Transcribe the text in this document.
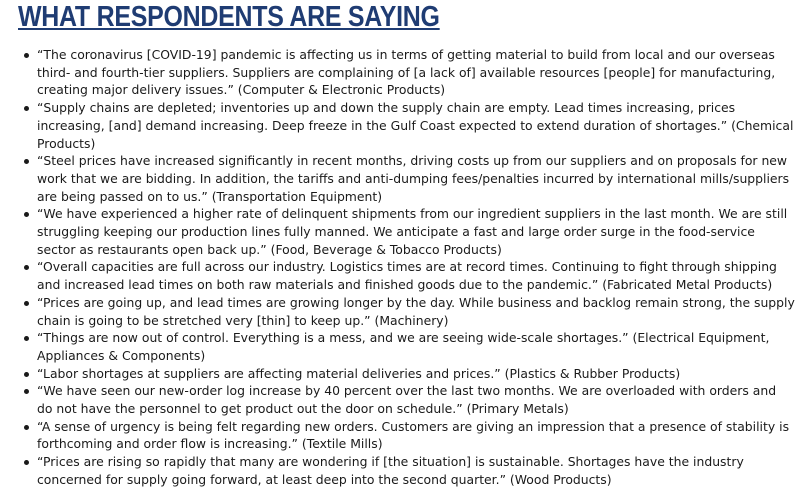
WHAT RESPONDENTS ARE SAYING
“The coronavirus [COVID-19] pandemic is affecting us in terms of getting material to build from local and our overseas third- and fourth-tier suppliers. Suppliers are complaining of [a lack of] available resources [people] for manufacturing, creating major delivery issues.” (Computer & Electronic Products)
“Supply chains are depleted; inventories up and down the supply chain are empty. Lead times increasing, prices increasing, [and] demand increasing. Deep freeze in the Gulf Coast expected to extend duration of shortages.” (Chemical Products)
“Steel prices have increased significantly in recent months, driving costs up from our suppliers and on proposals for new work that we are bidding. In addition, the tariffs and anti-dumping fees/penalties incurred by international mills/suppliers are being passed on to us.” (Transportation Equipment)
“We have experienced a higher rate of delinquent shipments from our ingredient suppliers in the last month. We are still struggling keeping our production lines fully manned. We anticipate a fast and large order surge in the food-service sector as restaurants open back up.” (Food, Beverage & Tobacco Products)
“Overall capacities are full across our industry. Logistics times are at record times. Continuing to fight through shipping and increased lead times on both raw materials and finished goods due to the pandemic.” (Fabricated Metal Products)
“Prices are going up, and lead times are growing longer by the day. While business and backlog remain strong, the supply chain is going to be stretched very [thin] to keep up.” (Machinery)
“Things are now out of control. Everything is a mess, and we are seeing wide-scale shortages.” (Electrical Equipment, Appliances & Components)
“Labor shortages at suppliers are affecting material deliveries and prices.” (Plastics & Rubber Products)
“We have seen our new-order log increase by 40 percent over the last two months. We are overloaded with orders and do not have the personnel to get product out the door on schedule.” (Primary Metals)
“A sense of urgency is being felt regarding new orders. Customers are giving an impression that a presence of stability is forthcoming and order flow is increasing.” (Textile Mills)
“Prices are rising so rapidly that many are wondering if [the situation] is sustainable. Shortages have the industry concerned for supply going forward, at least deep into the second quarter.” (Wood Products)
